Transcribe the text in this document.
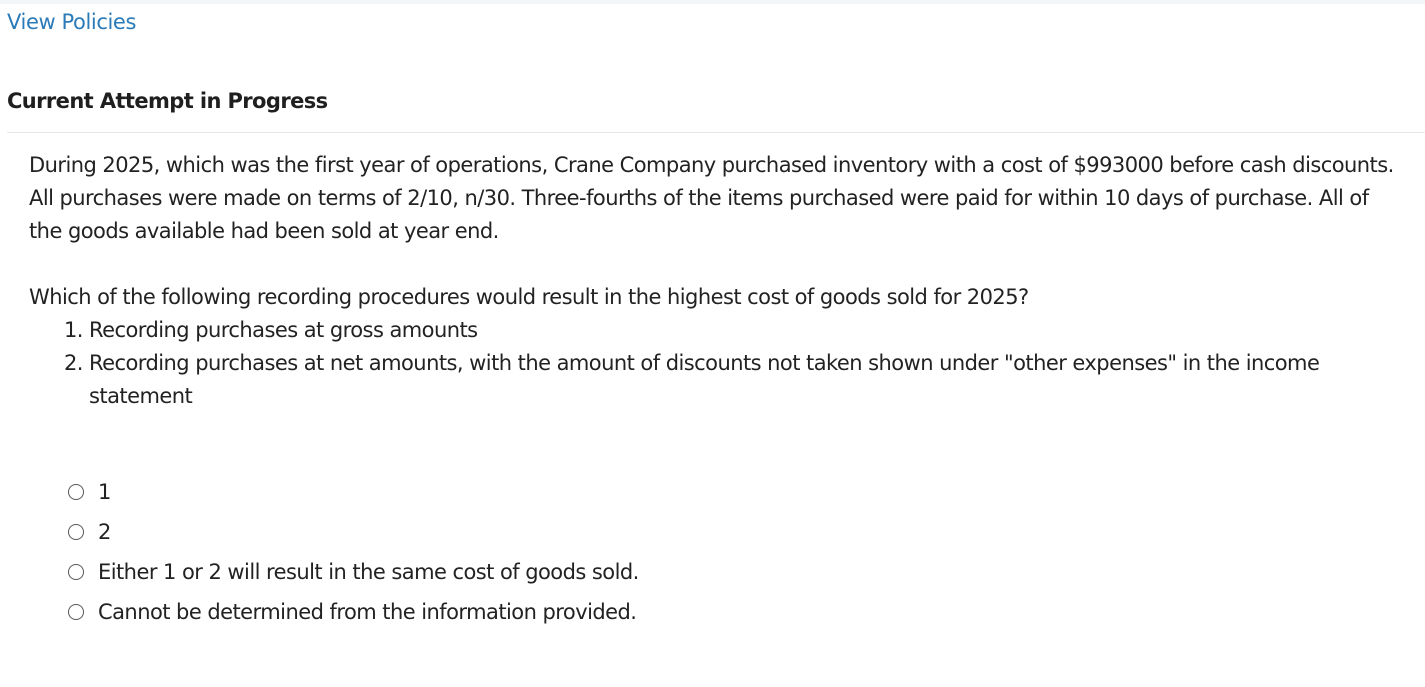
View Policies
Current Attempt in Progress

During 2025, which was the first year of operations, Crane Company purchased inventory with a cost of $993000 before cash discounts. All purchases were made on terms of 2/10, n/30. Three-fourths of the items purchased were paid for within 10 days of purchase. All of the goods available had been sold at year end.

Which of the following recording procedures would result in the highest cost of goods sold for 2025?

1. Recording purchases at gross amounts
2. Recording purchases at net amounts, with the amount of discounts not taken shown under "other expenses" in the income statement
1
2
Either 1 or 2 will result in the same cost of goods sold.
Cannot be determined from the information provided.
